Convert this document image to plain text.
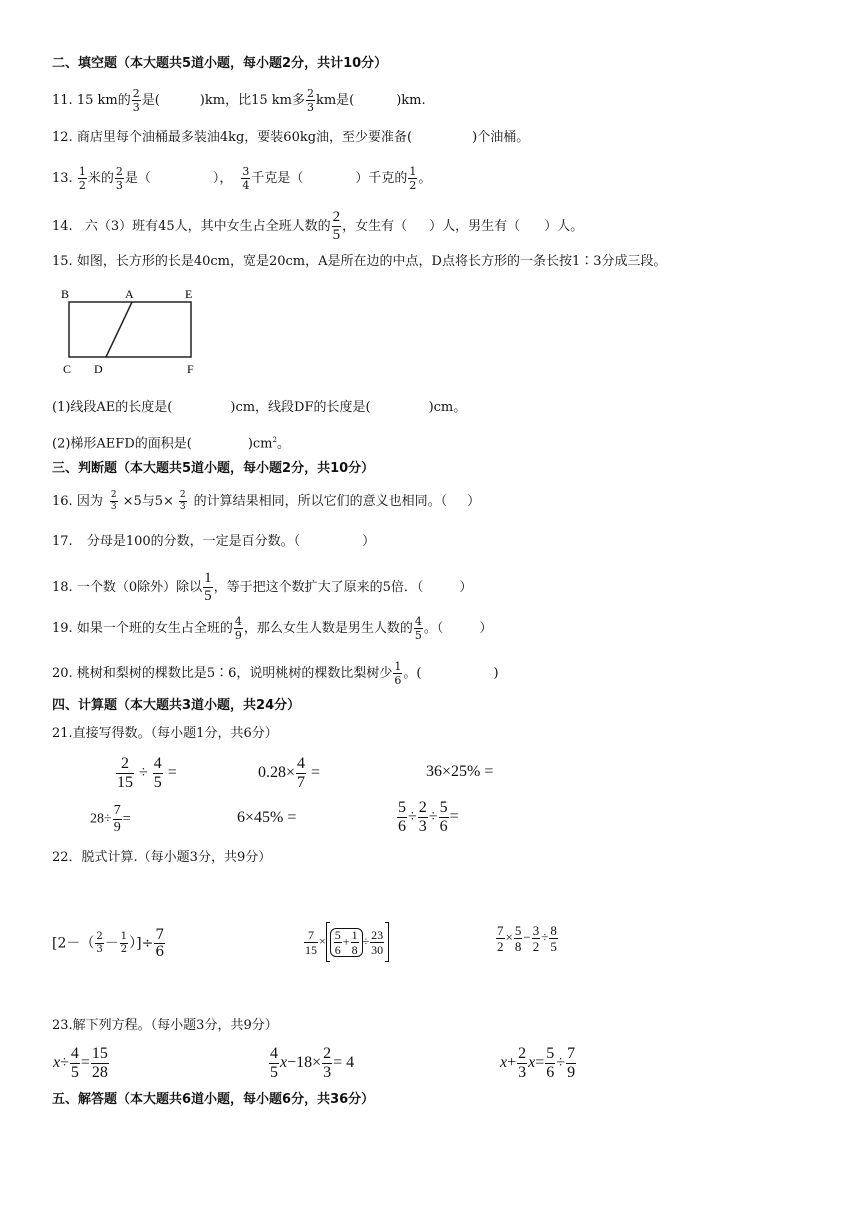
二、填空题（本大题共5道小题，每小题2分，共计10分）
11. 15 km的 $\frac{2}{3}$ 是(	)km，比15 km多 $\frac{2}{3}$ km是(	)km.
12. 商店里每个油桶最多装油4kg，要装60kg油，至少要准备(	)个油桶。
13. $\frac{1}{2}$ 米的 $\frac{2}{3}$ 是（	）， $\frac{3}{4}$ 千克是（	）千克的 $\frac{1}{2}$ 。
14. 六（3）班有45人，其中女生占全班人数的 $\frac{2}{5}$ ，女生有（ ）人，男生有（ ）人。
15. 如图，长方形的长是40cm，宽是20cm，A是所在边的中点，D点将长方形的一条长按1∶3分成三段。
B	A	E
C D	F
(1)线段AE的长度是(	)cm，线段DF的长度是(	)cm。
(2)梯形AEFD的面积是(	)$cm^2$。
三、判断题（本大题共5道小题，每小题2分，共10分）
16. 因为 $\frac{2}{3} \times 5$与$5\times \frac{2}{3}$ 的计算结果相同，所以它们的意义也相同。（ ）
17. 分母是100的分数，一定是百分数。（	）
18. 一个数（0除外）除以 $\frac{1}{5}$ ，等于把这个数扩大了原来的5倍．（	）
19. 如果一个班的女生占全班的 $\frac{4}{9}$ ，那么女生人数是男生人数的 $\frac{4}{5}$ 。（	）
20. 桃树和梨树的棵数比是5∶6，说明桃树的棵数比梨树少 $\frac{1}{6}$ 。(	)
四、计算题（本大题共3道小题，共24分）
21.直接写得数。（每小题1分，共6分）
$\frac{2}{15} \div \frac{4}{5}$ =	$0.28\times \frac{4}{7}$ =	36×25% =
$28\div \frac{7}{9}$ =	6×45% =	$\frac{5}{6} \div \frac{2}{3} \div \frac{5}{6}$ =
22．脱式计算.（每小题3分，共9分）
[$2-( \frac{2}{3} - \frac{1}{2}$ ）]÷ $\frac{7}{6}$	$\frac{7}{15} \times \frac{5}{6} + \frac{1}{8} \div \frac{23}{30}$	$\frac{7}{2} \times \frac{5}{8} - \frac{3}{2} \div \frac{8}{5}$
23.解下列方程。（每小题3分，共9分）
$x\div \frac{4}{5} = \frac{15}{28}$	$\frac{4}{5} x-18\times \frac{2}{3} = 4$	$x+ \frac{2}{3} x= \frac{5}{6} \div \frac{7}{9}$
五、解答题（本大题共6道小题，每小题6分，共36分）
